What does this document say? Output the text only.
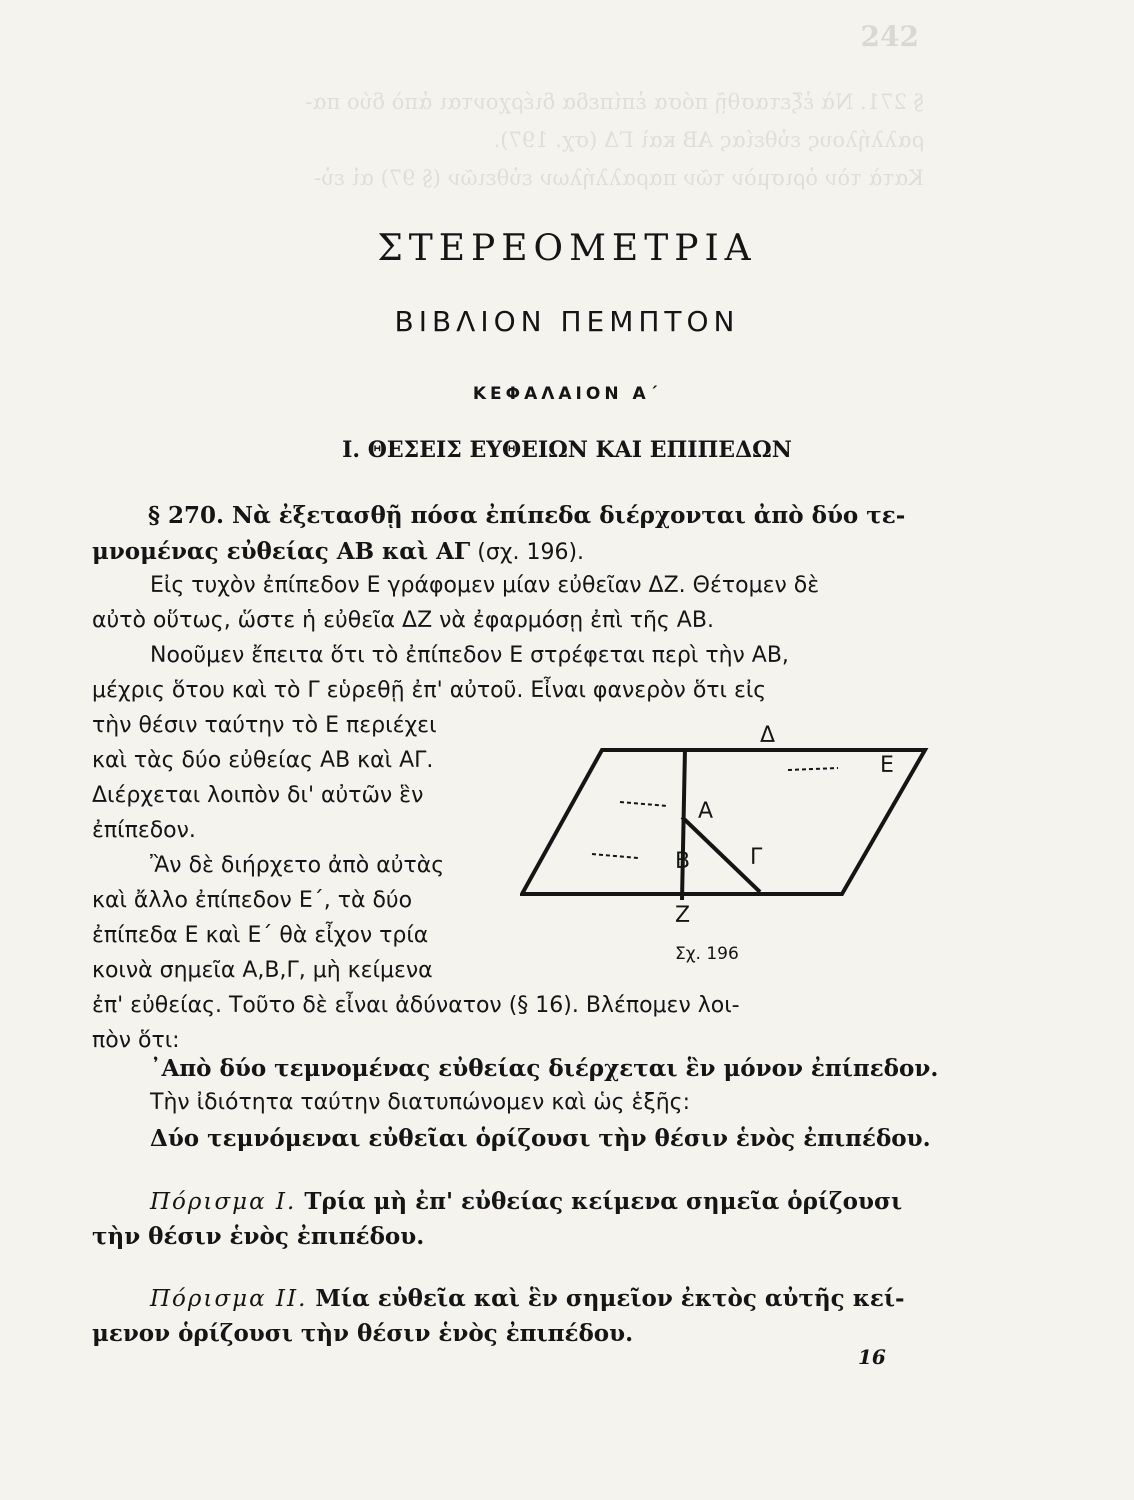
242
§ 271. Νὰ ἐξετασθῇ πόσα ἐπίπεδα διέρχονται ἀπὸ δύο πα-
ραλλήλους εὐθείας ΑΒ καὶ ΓΔ (σχ. 197).
Κατὰ τὸν ὁρισμὸν τῶν παραλλήλων εὐθειῶν (§ 97) αἱ εὐ-
ΣΤΕΡΕΟΜΕΤΡΙΑ
ΒΙΒΛΙΟΝ ΠΕΜΠΤΟΝ
ΚΕΦΑΛΑΙΟΝ Α΄
Ι. ΘΕΣΕΙΣ ΕΥΘΕΙΩΝ ΚΑΙ ΕΠΙΠΕΔΩΝ
§ 270. Νὰ ἐξετασθῇ πόσα ἐπίπεδα διέρχονται ἀπὸ δύο τε-
μνομένας εὐθείας ΑΒ καὶ ΑΓ (σχ. 196).
Εἰς τυχὸν ἐπίπεδον Ε γράφομεν μίαν εὐθεῖαν ΔΖ. Θέτομεν δὲ
αὐτὸ οὕτως, ὥστε ἡ εὐθεῖα ΔΖ νὰ ἐφαρμόσῃ ἐπὶ τῆς ΑΒ.
Νοοῦμεν ἔπειτα ὅτι τὸ ἐπίπεδον Ε στρέφεται περὶ τὴν ΑΒ,
μέχρις ὅτου καὶ τὸ Γ εὑρεθῇ ἐπ' αὐτοῦ. Εἶναι φανερὸν ὅτι εἰς
τὴν θέσιν ταύτην τὸ Ε περιέχει
καὶ τὰς δύο εὐθείας ΑΒ καὶ ΑΓ.
Διέρχεται λοιπὸν δι' αὐτῶν ἓν
ἐπίπεδον.
Ἂν δὲ διήρχετο ἀπὸ αὐτὰς
καὶ ἄλλο ἐπίπεδον Ε΄, τὰ δύο
ἐπίπεδα Ε καὶ Ε΄ θὰ εἶχον τρία
κοινὰ σημεῖα Α,Β,Γ, μὴ κείμενα
ἐπ' εὐθείας. Τοῦτο δὲ εἶναι ἀδύνατον (§ 16). Βλέπομεν λοι-
πὸν ὅτι:
᾽Απὸ δύο τεμνομένας εὐθείας διέρχεται ἓν μόνον ἐπίπεδον.
Τὴν ἰδιότητα ταύτην διατυπώνομεν καὶ ὡς ἑξῆς:
Δύο τεμνόμεναι εὐθεῖαι ὁρίζουσι τὴν θέσιν ἑνὸς ἐπιπέδου.
Πόρισμα Ι. Τρία μὴ ἐπ' εὐθείας κείμενα σημεῖα ὁρίζουσι
τὴν θέσιν ἑνὸς ἐπιπέδου.
Πόρισμα ΙΙ. Μία εὐθεῖα καὶ ἓν σημεῖον ἐκτὸς αὐτῆς κεί-
μενον ὁρίζουσι τὴν θέσιν ἑνὸς ἐπιπέδου.
Δ
Ε
Α
Β	Γ
Ζ
Σχ. 196
16
